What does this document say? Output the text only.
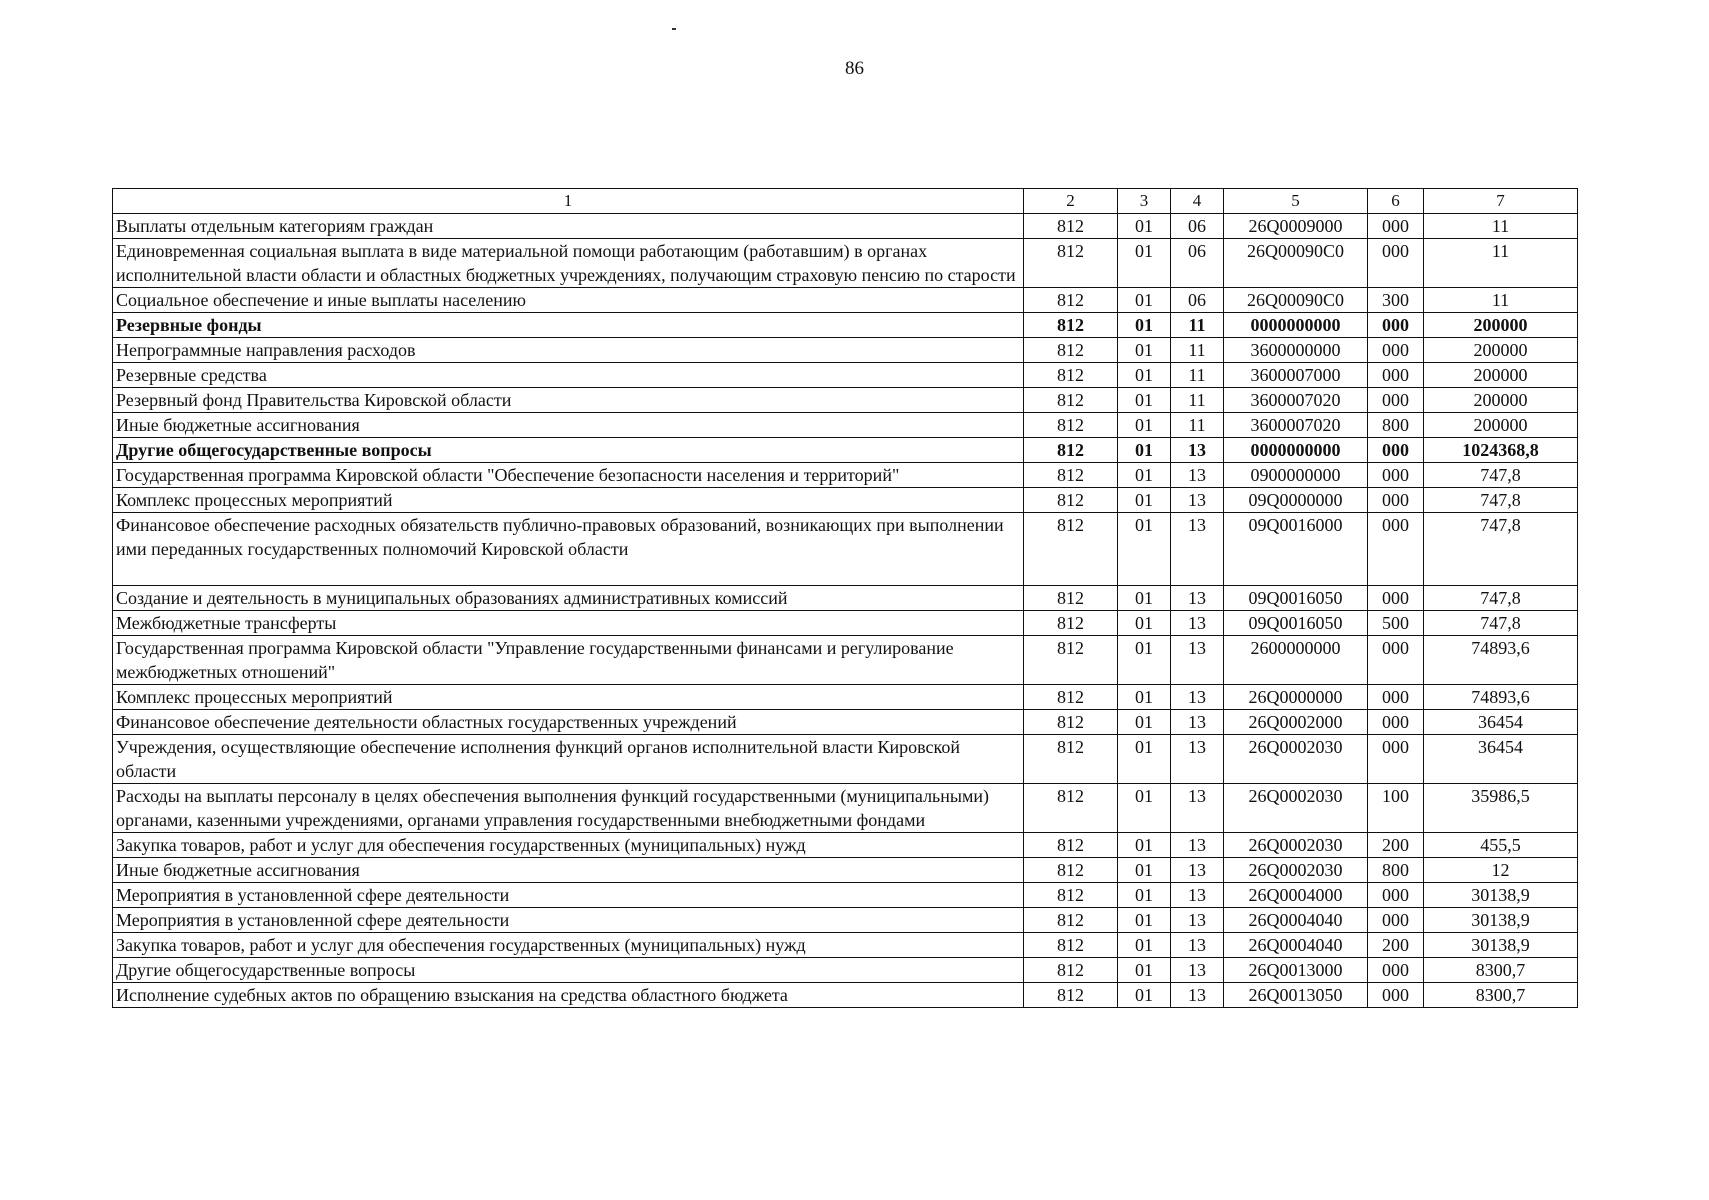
86
1	2	3	4	5	6	7
Выплаты отдельным категориям граждан	812	01	06	26Q0009000	000	11
Единовременная социальная выплата в виде материальной помощи работающим (работавшим) в органах исполнительной власти области и областных бюджетных учреждениях, получающим страховую пенсию по старости	812	01	06	26Q00090C0	000	11
Социальное обеспечение и иные выплаты населению	812	01	06	26Q00090C0	300	11
Резервные фонды	812	01	11	0000000000	000	200000
Непрограммные направления расходов	812	01	11	3600000000	000	200000
Резервные средства	812	01	11	3600007000	000	200000
Резервный фонд Правительства Кировской области	812	01	11	3600007020	000	200000
Иные бюджетные ассигнования	812	01	11	3600007020	800	200000
Другие общегосударственные вопросы	812	01	13	0000000000	000	1024368,8
Государственная программа Кировской области "Обеспечение безопасности населения и территорий"	812	01	13	0900000000	000	747,8
Комплекс процессных мероприятий	812	01	13	09Q0000000	000	747,8
Финансовое обеспечение расходных обязательств публично-правовых образований, возникающих при выполнении ими переданных государственных полномочий Кировской области	812	01	13	09Q0016000	000	747,8
Создание и деятельность в муниципальных образованиях административных комиссий	812	01	13	09Q0016050	000	747,8
Межбюджетные трансферты	812	01	13	09Q0016050	500	747,8
Государственная программа Кировской области "Управление государственными финансами и регулирование межбюджетных отношений"	812	01	13	2600000000	000	74893,6
Комплекс процессных мероприятий	812	01	13	26Q0000000	000	74893,6
Финансовое обеспечение деятельности областных государственных учреждений	812	01	13	26Q0002000	000	36454
Учреждения, осуществляющие обеспечение исполнения функций органов исполнительной власти Кировской области	812	01	13	26Q0002030	000	36454
Расходы на выплаты персоналу в целях обеспечения выполнения функций государственными (муниципальными) органами, казенными учреждениями, органами управления государственными внебюджетными фондами	812	01	13	26Q0002030	100	35986,5
Закупка товаров, работ и услуг для обеспечения государственных (муниципальных) нужд	812	01	13	26Q0002030	200	455,5
Иные бюджетные ассигнования	812	01	13	26Q0002030	800	12
Мероприятия в установленной сфере деятельности	812	01	13	26Q0004000	000	30138,9
Мероприятия в установленной сфере деятельности	812	01	13	26Q0004040	000	30138,9
Закупка товаров, работ и услуг для обеспечения государственных (муниципальных) нужд	812	01	13	26Q0004040	200	30138,9
Другие общегосударственные вопросы	812	01	13	26Q0013000	000	8300,7
Исполнение судебных актов по обращению взыскания на средства областного бюджета	812	01	13	26Q0013050	000	8300,7
